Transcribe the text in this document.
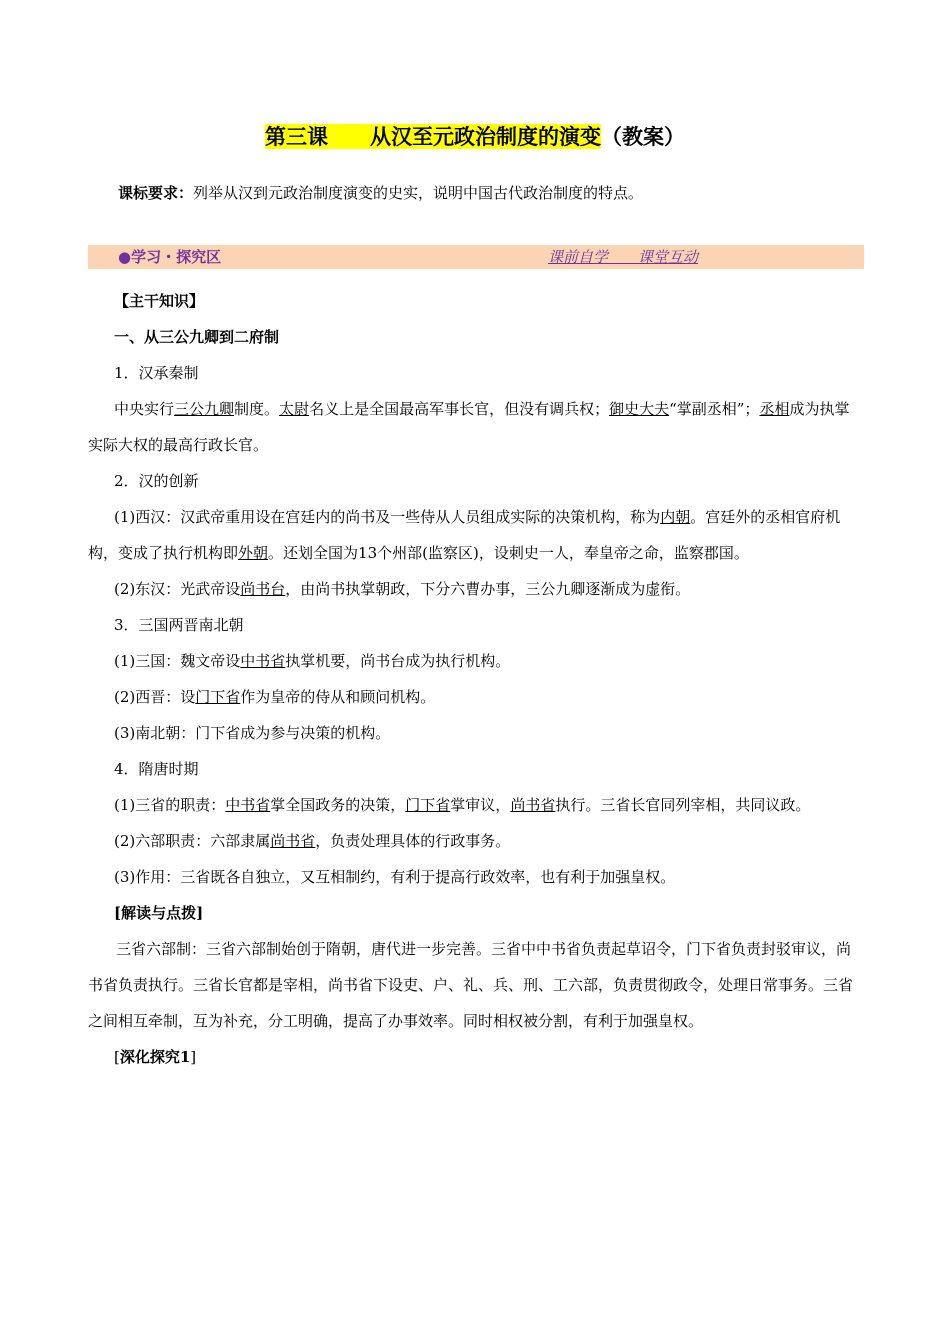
第三课　　从汉至元政治制度的演变（教案）
课标要求：列举从汉到元政治制度演变的史实，说明中国古代政治制度的特点。
●学习・探究区	课前自学　　课堂互动

【主干知识】

一、从三公九卿到二府制

1．汉承秦制

中央实行三公九卿制度。太尉名义上是全国最高军事长官，但没有调兵权；御史大夫“掌副丞相”；丞相成为执掌实际大权的最高行政长官。

2．汉的创新

(1)西汉：汉武帝重用设在宫廷内的尚书及一些侍从人员组成实际的决策机构，称为内朝。宫廷外的丞相官府机构，变成了执行机构即外朝。还划全国为13个州部(监察区)，设刺史一人，奉皇帝之命，监察郡国。

(2)东汉：光武帝设尚书台，由尚书执掌朝政，下分六曹办事，三公九卿逐渐成为虚衔。

3．三国两晋南北朝

(1)三国：魏文帝设中书省执掌机要，尚书台成为执行机构。

(2)西晋：设门下省作为皇帝的侍从和顾问机构。

(3)南北朝：门下省成为参与决策的机构。

4．隋唐时期

(1)三省的职责：中书省掌全国政务的决策，门下省掌审议，尚书省执行。三省长官同列宰相，共同议政。

(2)六部职责：六部隶属尚书省，负责处理具体的行政事务。

(3)作用：三省既各自独立，又互相制约，有利于提高行政效率，也有利于加强皇权。

[解读与点拨]

三省六部制：三省六部制始创于隋朝，唐代进一步完善。三省中中书省负责起草诏令，门下省负责封驳审议，尚书省负责执行。三省长官都是宰相，尚书省下设吏、户、礼、兵、刑、工六部，负责贯彻政令，处理日常事务。三省之间相互牵制，互为补充，分工明确，提高了办事效率。同时相权被分割，有利于加强皇权。

[深化探究1]
